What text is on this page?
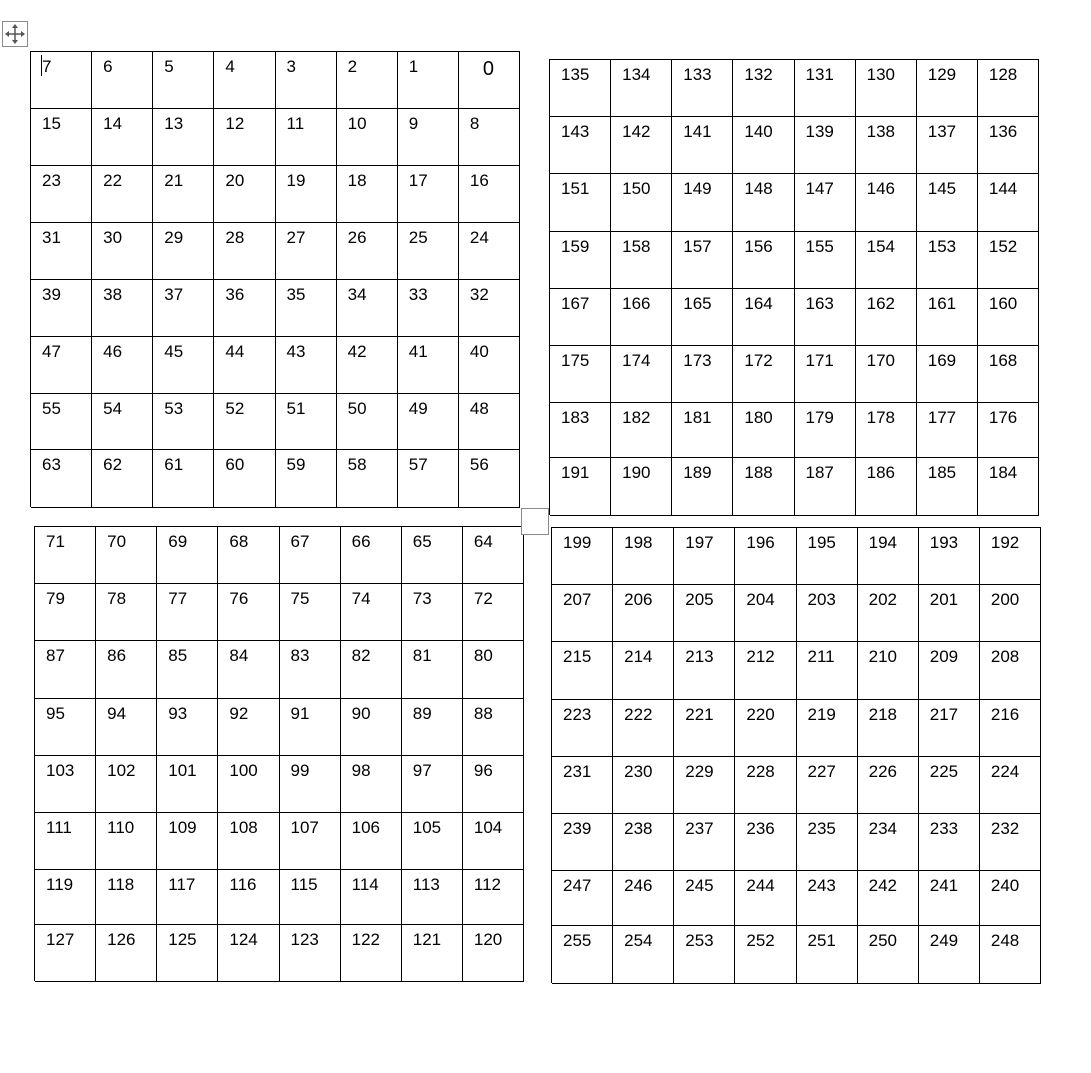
7	6	5	4	3	2	1	0
15	14	13	12	11	10	9	8
23	22	21	20	19	18	17	16
31	30	29	28	27	26	25	24
39	38	37	36	35	34	33	32
47	46	45	44	43	42	41	40
55	54	53	52	51	50	49	48
63	62	61	60	59	58	57	56
135	134	133	132	131	130	129	128
143	142	141	140	139	138	137	136
151	150	149	148	147	146	145	144
159	158	157	156	155	154	153	152
167	166	165	164	163	162	161	160
175	174	173	172	171	170	169	168
183	182	181	180	179	178	177	176
191	190	189	188	187	186	185	184
71	70	69	68	67	66	65	64
79	78	77	76	75	74	73	72
87	86	85	84	83	82	81	80
95	94	93	92	91	90	89	88
103	102	101	100	99	98	97	96
111	110	109	108	107	106	105	104
119	118	117	116	115	114	113	112
127	126	125	124	123	122	121	120
199	198	197	196	195	194	193	192
207	206	205	204	203	202	201	200
215	214	213	212	211	210	209	208
223	222	221	220	219	218	217	216
231	230	229	228	227	226	225	224
239	238	237	236	235	234	233	232
247	246	245	244	243	242	241	240
255	254	253	252	251	250	249	248
